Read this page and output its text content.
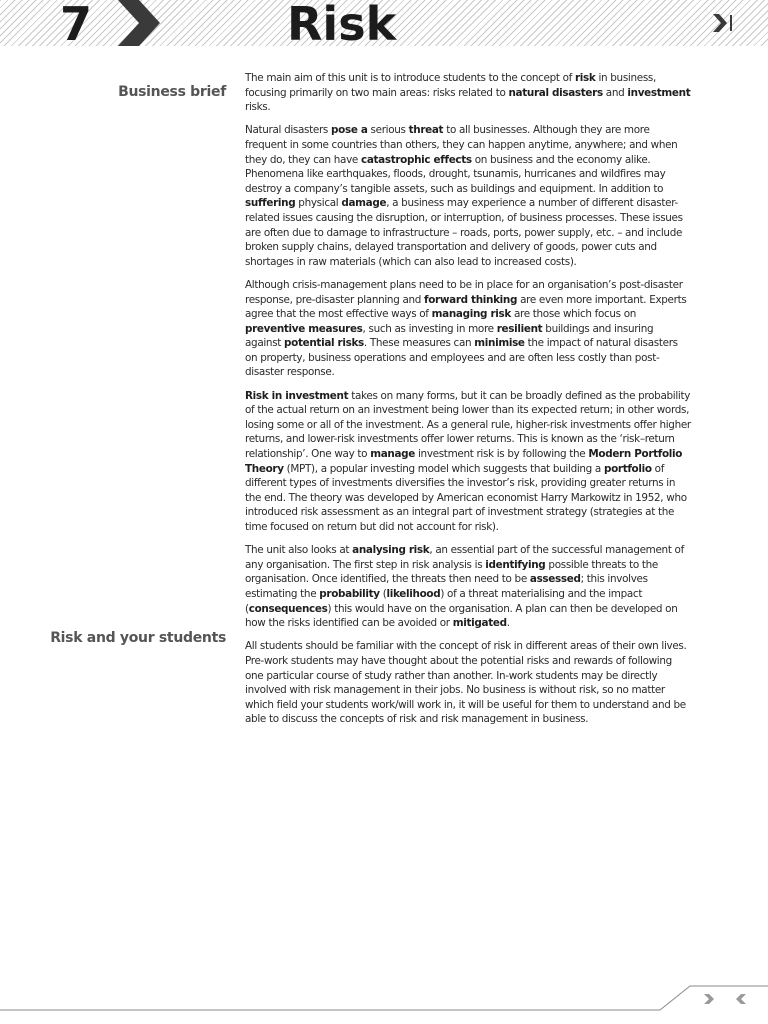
7	Risk
Business brief
Risk and your students

The main aim of this unit is to introduce students to the concept of risk in business, focusing primarily on two main areas: risks related to natural disasters and investment risks.

Natural disasters pose a serious threat to all businesses. Although they are more frequent in some countries than others, they can happen anytime, anywhere; and when they do, they can have catastrophic effects on business and the economy alike. Phenomena like earthquakes, floods, drought, tsunamis, hurricanes and wildfires may destroy a company’s tangible assets, such as buildings and equipment. In addition to suffering physical damage, a business may experience a number of different disaster-related issues causing the disruption, or interruption, of business processes. These issues are often due to damage to infrastructure – roads, ports, power supply, etc. – and include broken supply chains, delayed transportation and delivery of goods, power cuts and shortages in raw materials (which can also lead to increased costs).

Although crisis-management plans need to be in place for an organisation’s post-disaster response, pre-disaster planning and forward thinking are even more important. Experts agree that the most effective ways of managing risk are those which focus on preventive measures, such as investing in more resilient buildings and insuring against potential risks. These measures can minimise the impact of natural disasters on property, business operations and employees and are often less costly than post-disaster response.

Risk in investment takes on many forms, but it can be broadly defined as the probability of the actual return on an investment being lower than its expected return; in other words, losing some or all of the investment. As a general rule, higher-risk investments offer higher returns, and lower-risk investments offer lower returns. This is known as the ‘risk–return relationship’. One way to manage investment risk is by following the Modern Portfolio Theory (MPT), a popular investing model which suggests that building a portfolio of different types of investments diversifies the investor’s risk, providing greater returns in the end. The theory was developed by American economist Harry Markowitz in 1952, who introduced risk assessment as an integral part of investment strategy (strategies at the time focused on return but did not account for risk).

The unit also looks at analysing risk, an essential part of the successful management of any organisation. The first step in risk analysis is identifying possible threats to the organisation. Once identified, the threats then need to be assessed; this involves estimating the probability (likelihood) of a threat materialising and the impact (consequences) this would have on the organisation. A plan can then be developed on how the risks identified can be avoided or mitigated.

All students should be familiar with the concept of risk in different areas of their own lives. Pre-work students may have thought about the potential risks and rewards of following one particular course of study rather than another. In-work students may be directly involved with risk management in their jobs. No business is without risk, so no matter which field your students work/will work in, it will be useful for them to understand and be able to discuss the concepts of risk and risk management in business.
